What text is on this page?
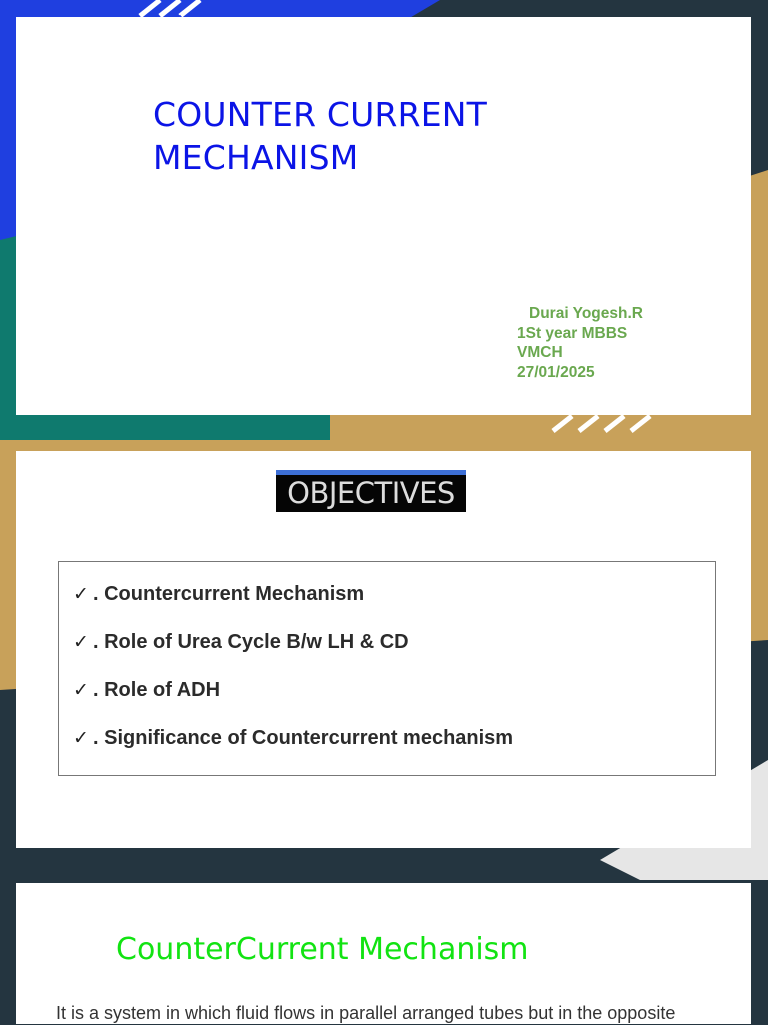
COUNTER CURRENT
MECHANISM
Durai Yogesh.R
1St year MBBS
VMCH
27/01/2025
OBJECTIVES
✓ . Countercurrent Mechanism
✓ . Role of Urea Cycle B/w LH & CD
✓ . Role of ADH
✓ . Significance of Countercurrent mechanism
CounterCurrent Mechanism
It is a system in which fluid flows in parallel arranged tubes but in the opposite
